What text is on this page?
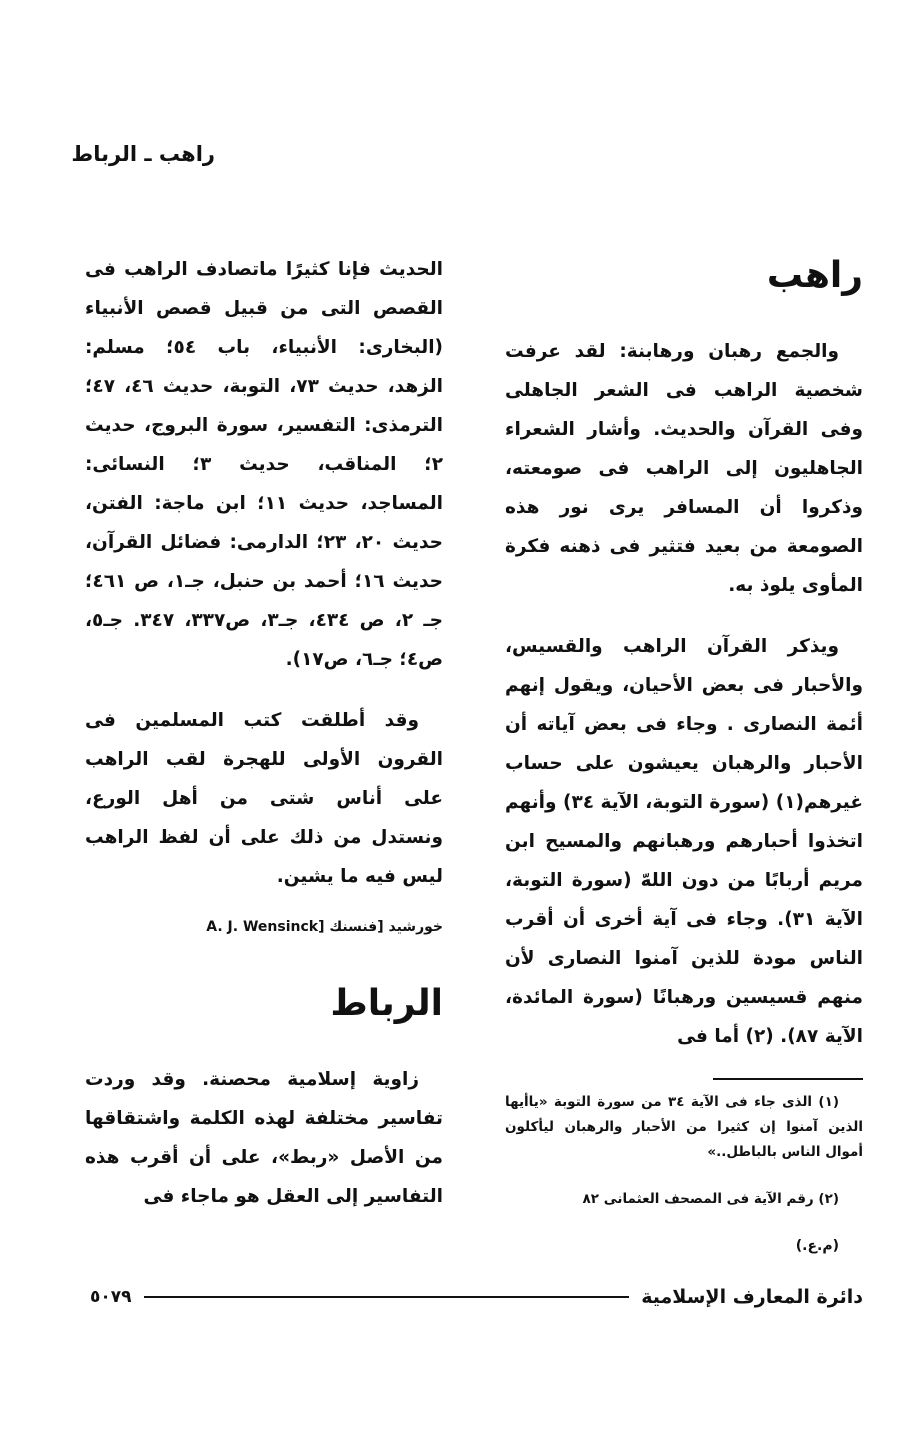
راهب ـ الرباط
راهب

والجمع رهبان ورهابنة: لقد عرفت شخصية الراهب فى الشعر الجاهلى وفى القرآن والحديث. وأشار الشعراء الجاهليون إلى الراهب فى صومعته، وذكروا أن المسافر يرى نور هذه الصومعة من بعيد فتثير فى ذهنه فكرة المأوى يلوذ به.

ويذكر القرآن الراهب والقسيس، والأحبار فى بعض الأحيان، ويقول إنهم أئمة النصارى . وجاء فى بعض آياته أن الأحبار والرهبان يعيشون على حساب غيرهم(١) (سورة التوبة، الآية ٣٤) وأنهم اتخذوا أحبارهم ورهبانهم والمسيح ابن مريم أربابًا من دون اللهّ (سورة التوبة، الآية ٣١). وجاء فى آية أخرى أن أقرب الناس مودة للذين آمنوا النصارى لأن منهم قسيسين ورهبانًا (سورة المائدة، الآية ٨٧). (٢) أما فى

(١) الذى جاء فى الآية ٣٤ من سورة التوبة «ياأيها الذين آمنوا إن كثيرا من الأحبار والرهبان ليأكلون أموال الناس بالباطل..»

(٢) رقم الآية فى المصحف العثمانى ٨٢

(م.ع.)

الحديث فإنا كثيرًا ماتصادف الراهب فى القصص التى من قبيل قصص الأنبياء (البخارى: الأنبياء، باب ٥٤؛ مسلم: الزهد، حديث ٧٣، التوبة، حديث ٤٦، ٤٧؛ الترمذى: التفسير، سورة البروج، حديث ٢؛ المناقب، حديث ٣؛ النسائى: المساجد، حديث ١١؛ ابن ماجة: الفتن، حديث ٢٠، ٢٣؛ الدارمى: فضائل القرآن، حديث ١٦؛ أحمد بن حنبل، جـ١، ص ٤٦١؛ جـ ٢، ص ٤٣٤، جـ٣، ص٣٣٧، ٣٤٧. جـ٥، ص٤؛ جـ٦، ص١٧).

وقد أطلقت كتب المسلمين فى القرون الأولى للهجرة لقب الراهب على أناس شتى من أهل الورع، ونستدل من ذلك على أن لفظ الراهب ليس فيه ما يشين.

خورشيد [فنسنك A. J. Wensinck]
الرباط

زاوية إسلامية محصنة. وقد وردت تفاسير مختلفة لهذه الكلمة واشتقاقها من الأصل «ربط»، على أن أقرب هذه التفاسير إلى العقل هو ماجاء فى

دائرة المعارف الإسلامية
٥٠٧٩
